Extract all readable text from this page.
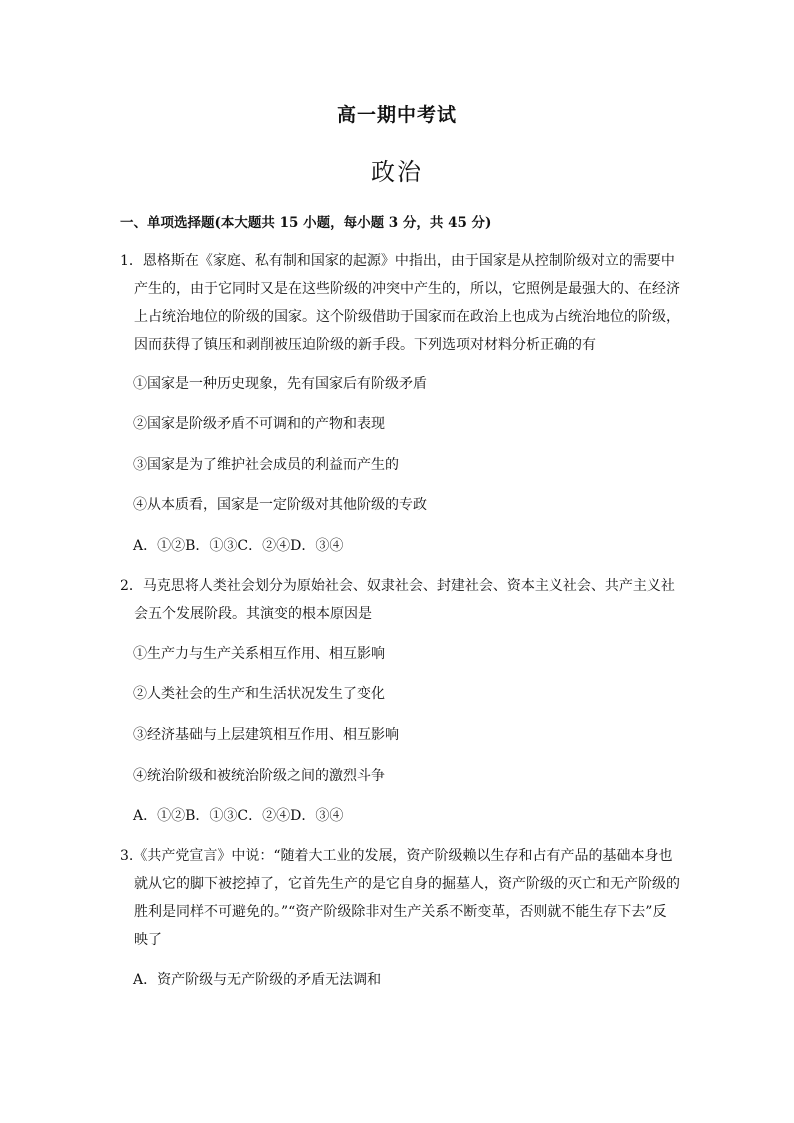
高一期中考试
政治
一、单项选择题(本大题共 15 小题，每小题 3 分，共 45 分)
1．恩格斯在《家庭、私有制和国家的起源》中指出，由于国家是从控制阶级对立的需要中
产生的，由于它同时又是在这些阶级的冲突中产生的，所以，它照例是最强大的、在经济
上占统治地位的阶级的国家。这个阶级借助于国家而在政治上也成为占统治地位的阶级，
因而获得了镇压和剥削被压迫阶级的新手段。下列选项对材料分析正确的有
①国家是一种历史现象，先有国家后有阶级矛盾
②国家是阶级矛盾不可调和的产物和表现
③国家是为了维护社会成员的利益而产生的
④从本质看，国家是一定阶级对其他阶级的专政
A．①②B．①③C．②④D．③④
2．马克思将人类社会划分为原始社会、奴隶社会、封建社会、资本主义社会、共产主义社
会五个发展阶段。其演变的根本原因是
①生产力与生产关系相互作用、相互影响
②人类社会的生产和生活状况发生了变化
③经济基础与上层建筑相互作用、相互影响
④统治阶级和被统治阶级之间的激烈斗争
A．①②B．①③C．②④D．③④
3.《共产党宣言》中说：“随着大工业的发展，资产阶级赖以生存和占有产品的基础本身也
就从它的脚下被挖掉了，它首先生产的是它自身的掘墓人，资产阶级的灭亡和无产阶级的
胜利是同样不可避免的。”“资产阶级除非对生产关系不断变革，否则就不能生存下去”反
映了
A．资产阶级与无产阶级的矛盾无法调和
